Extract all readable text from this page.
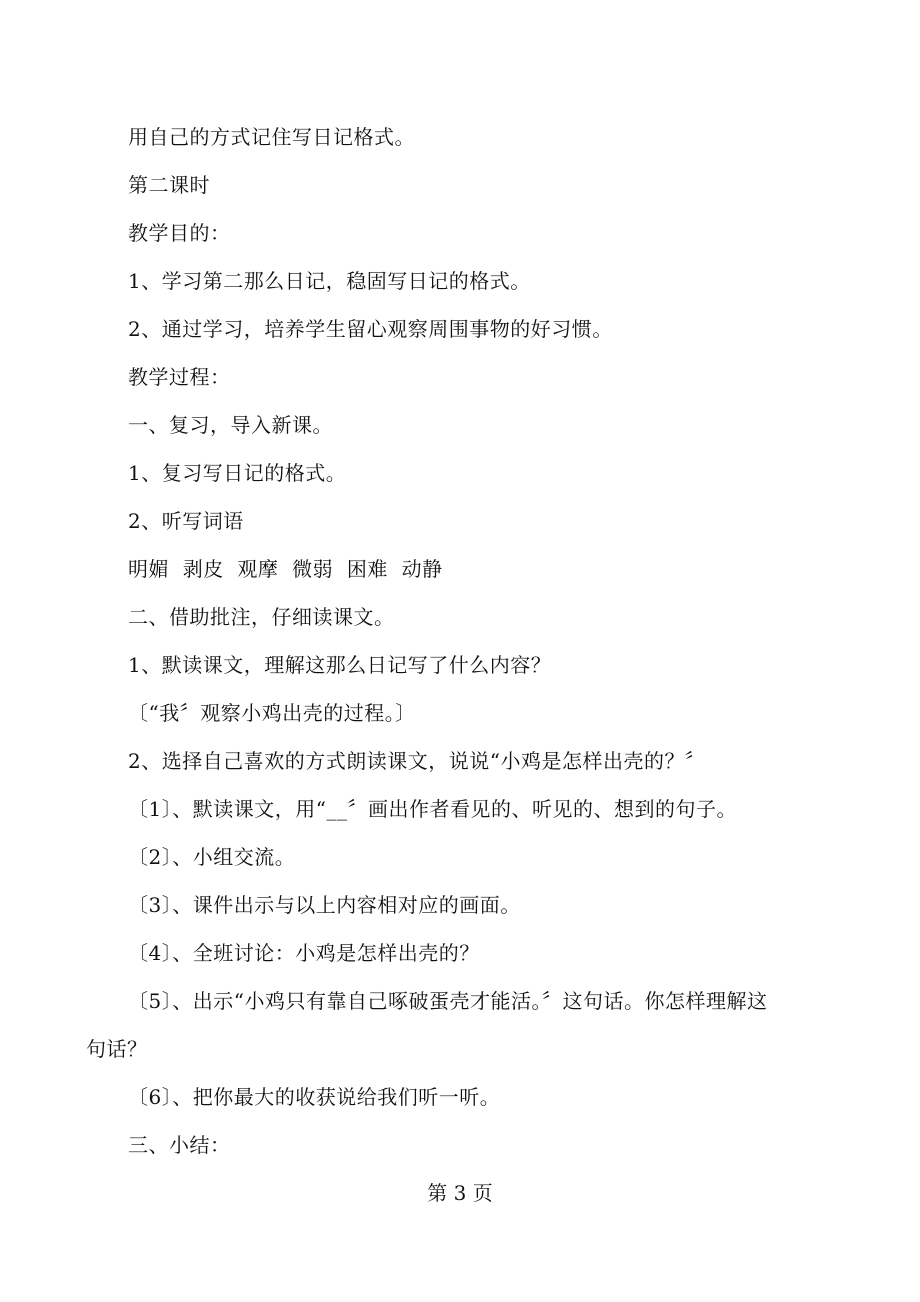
用自己的方式记住写日记格式。
第二课时
教学目的：
1、学习第二那么日记，稳固写日记的格式。
2、通过学习，培养学生留心观察周围事物的好习惯。
教学过程：
一、复习，导入新课。
1、复习写日记的格式。
2、听写词语
明媚  剥皮  观摩  微弱  困难  动静
二、借助批注，仔细读课文。
1、默读课文，理解这那么日记写了什么内容？
〔“我〞观察小鸡出壳的过程。〕
2、选择自己喜欢的方式朗读课文，说说“小鸡是怎样出壳的？〞
〔1〕、默读课文，用“__〞画出作者看见的、听见的、想到的句子。
〔2〕、小组交流。
〔3〕、课件出示与以上内容相对应的画面。
〔4〕、全班讨论：小鸡是怎样出壳的？
〔5〕、出示“小鸡只有靠自己啄破蛋壳才能活。〞这句话。你怎样理解这
句话？
〔6〕、把你最大的收获说给我们听一听。
三、小结：
第 3 页
